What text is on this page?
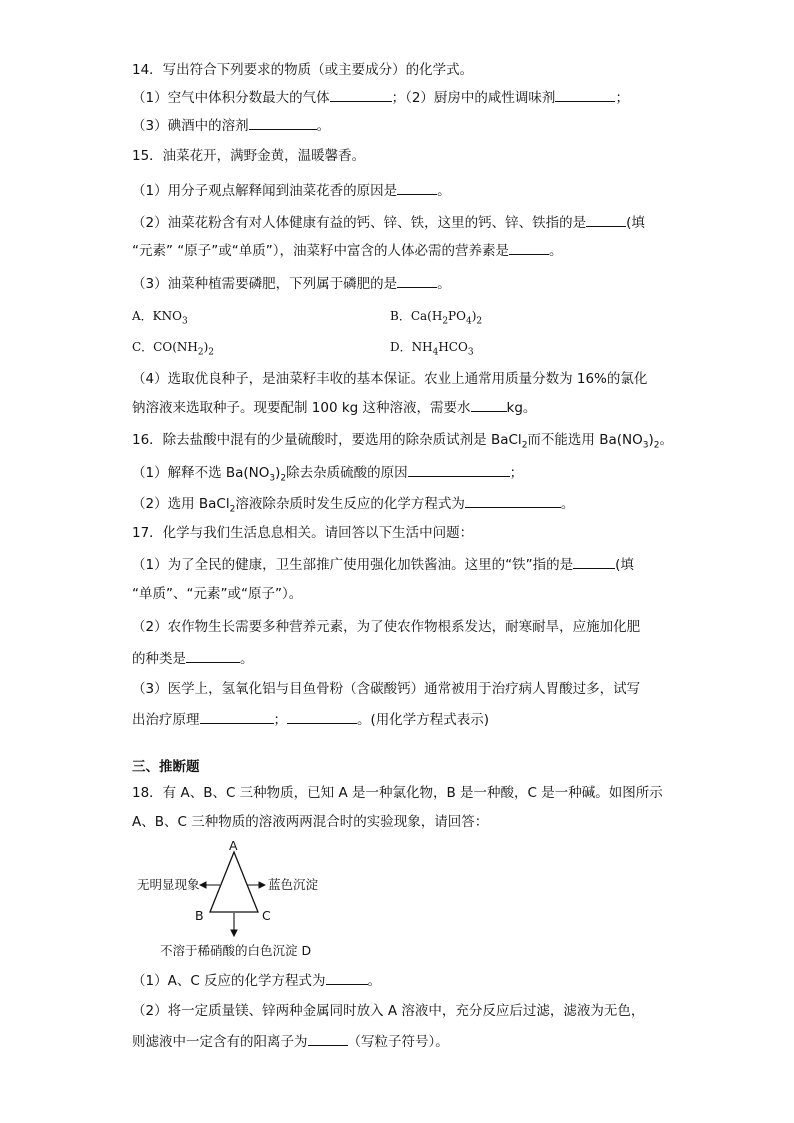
14．写出符合下列要求的物质（或主要成分）的化学式。
（1）空气中体积分数最大的气体	；（2）厨房中的咸性调味剂	；
（3）碘酒中的溶剂	。
15．油菜花开，满野金黄，温暖馨香。
（1）用分子观点解释闻到油菜花香的原因是	。
（2）油菜花粉含有对人体健康有益的钙、锌、铁，这里的钙、锌、铁指的是	(填
“元素” “原子”或“单质”），油菜籽中富含的人体必需的营养素是	。
（3）油菜种植需要磷肥，下列属于磷肥的是	。
A．$KNO_3$	B．$Ca(H_2PO_4)_2$
C．$CO(NH_2)_2$	D．$NH_4HCO_3$
（4）选取优良种子，是油菜籽丰收的基本保证。农业上通常用质量分数为 16%的氯化
钠溶液来选取种子。现要配制 100 kg 这种溶液，需要水	kg。
16．除去盐酸中混有的少量硫酸时，要选用的除杂质试剂是 BaCl$_2$而不能选用 $Ba(NO_3)_2$。
（1）解释不选 $Ba(NO_3)_2$除去杂质硫酸的原因	；
（2）选用 BaCl$_2$溶液除杂质时发生反应的化学方程式为	。
17．化学与我们生活息息相关。请回答以下生活中问题：
（1）为了全民的健康，卫生部推广使用强化加铁酱油。这里的“铁”指的是	(填
“单质”、“元素”或“原子”）。
（2）农作物生长需要多种营养元素，为了使农作物根系发达，耐寒耐旱，应施加化肥
的种类是	。
（3）医学上，氢氧化铝与目鱼骨粉（含碳酸钙）通常被用于治疗病人胃酸过多，试写
出治疗原理	；	。(用化学方程式表示)
三、推断题
18．有 A、B、C 三种物质，已知 A 是一种氯化物，B 是一种酸，C 是一种碱。如图所示
A、B、C 三种物质的溶液两两混合时的实验现象，请回答：
A
B	C
无明显现象	蓝色沉淀
不溶于稀硝酸的白色沉淀 D
（1）A、C 反应的化学方程式为	。
（2）将一定质量镁、锌两种金属同时放入 A 溶液中，充分反应后过滤，滤液为无色，
则滤液中一定含有的阳离子为	（写粒子符号）。
